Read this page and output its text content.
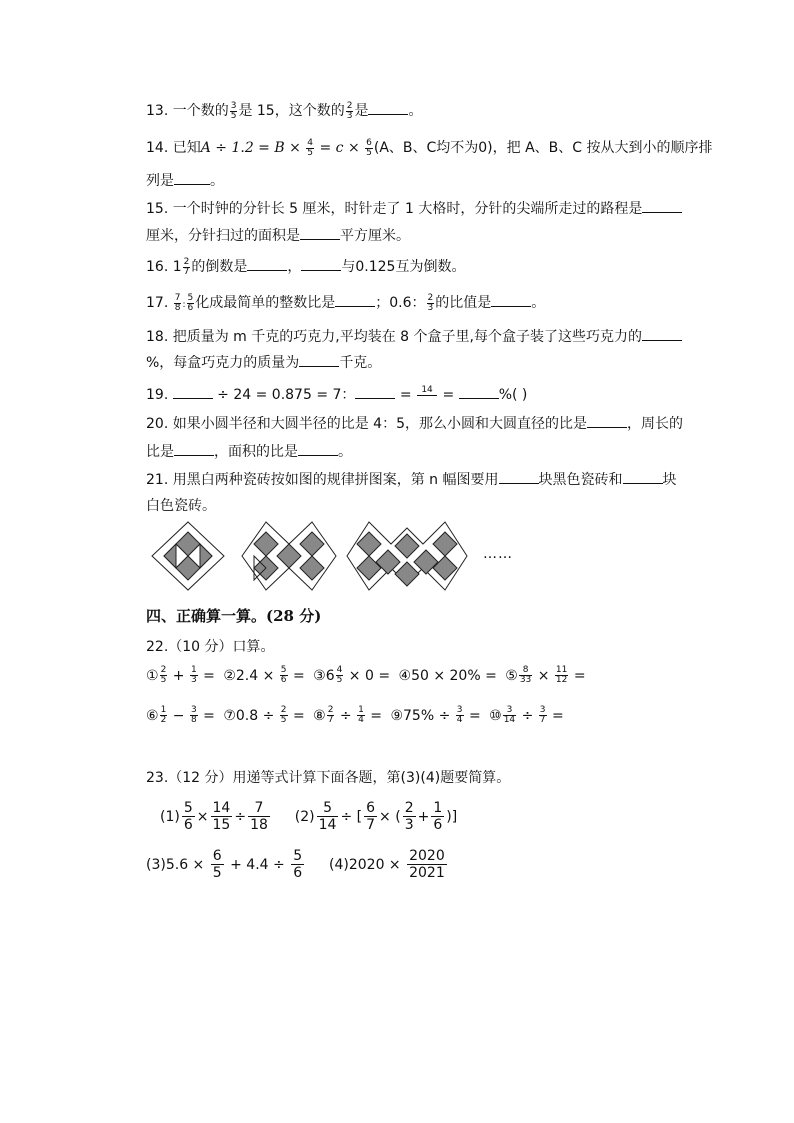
13. 一个数的 $\frac{3}{5}$ 是 15，这个数的 $\frac{2}{3}$ 是	。
14. 已知$A \div 1.2 = B \times \frac{4}{5} = c \times \frac{6}{5} (A$、B、C均不为0)，把 A、B、C 按从大到小的顺序排
列是	。
15. 一个时钟的分针长 5 厘米，时针走了 1 大格时，分针的尖端所走过的路程是
厘米，分针扫过的面积是	平方厘米。
16. $1 \frac{2}{7}$ 的倒数是	，	与0.125互为倒数。
17. $\frac{7}{8}$ : $\frac{5}{6}$ 化成最简单的整数比是	；0.6： $\frac{2}{3}$ 的比值是	。
18. 把质量为 m 千克的巧克力,平均装在 8 个盒子里,每个盒子装了这些巧克力的
%，每盒巧克力的质量为	千克。
19.	÷ 24 = 0.875 = 7：	= 14 =	%( )
20. 如果小圆半径和大圆半径的比是 4：5，那么小圆和大圆直径的比是	，周长的
比是	，面积的比是	。
21. 用黑白两种瓷砖按如图的规律拼图案，第 n 幅图要用	块黑色瓷砖和	块
白色瓷砖。
……
四、正确算一算。(28 分)
22.（10 分）口算。
① $\frac{2}{5} + \frac{1}{3}$ = ②2.4 × $\frac{5}{6}$ = ③6 $\frac{4}{5} \times 0$ = ④50 × 20% = ⑤ $\frac{8}{33} \times \frac{11}{12}$ =
⑥ $\frac{1}{2} - \frac{3}{8}$ = ⑦0.8 ÷ $\frac{2}{5}$ = ⑧ $\frac{2}{7} \div \frac{1}{4}$ = ⑨75% ÷ $\frac{3}{4}$ = ⑩ $\frac{3}{14} \div \frac{3}{7}$ =
23.（12 分）用递等式计算下面各题，第(3)(4)题要简算。
$(1) \frac{5}{6} \times \frac{14}{15} \div \frac{7}{18} (2) \frac{5}{14}$ ÷ [ $\frac{6}{7}$ × ( $\frac{2}{3} + \frac{1}{6}$ )]
$(3)5.6 \times \frac{6}{5} + 4.4 \div \frac{5}{6} (4)2020 \times \frac{2020}{2021}$
